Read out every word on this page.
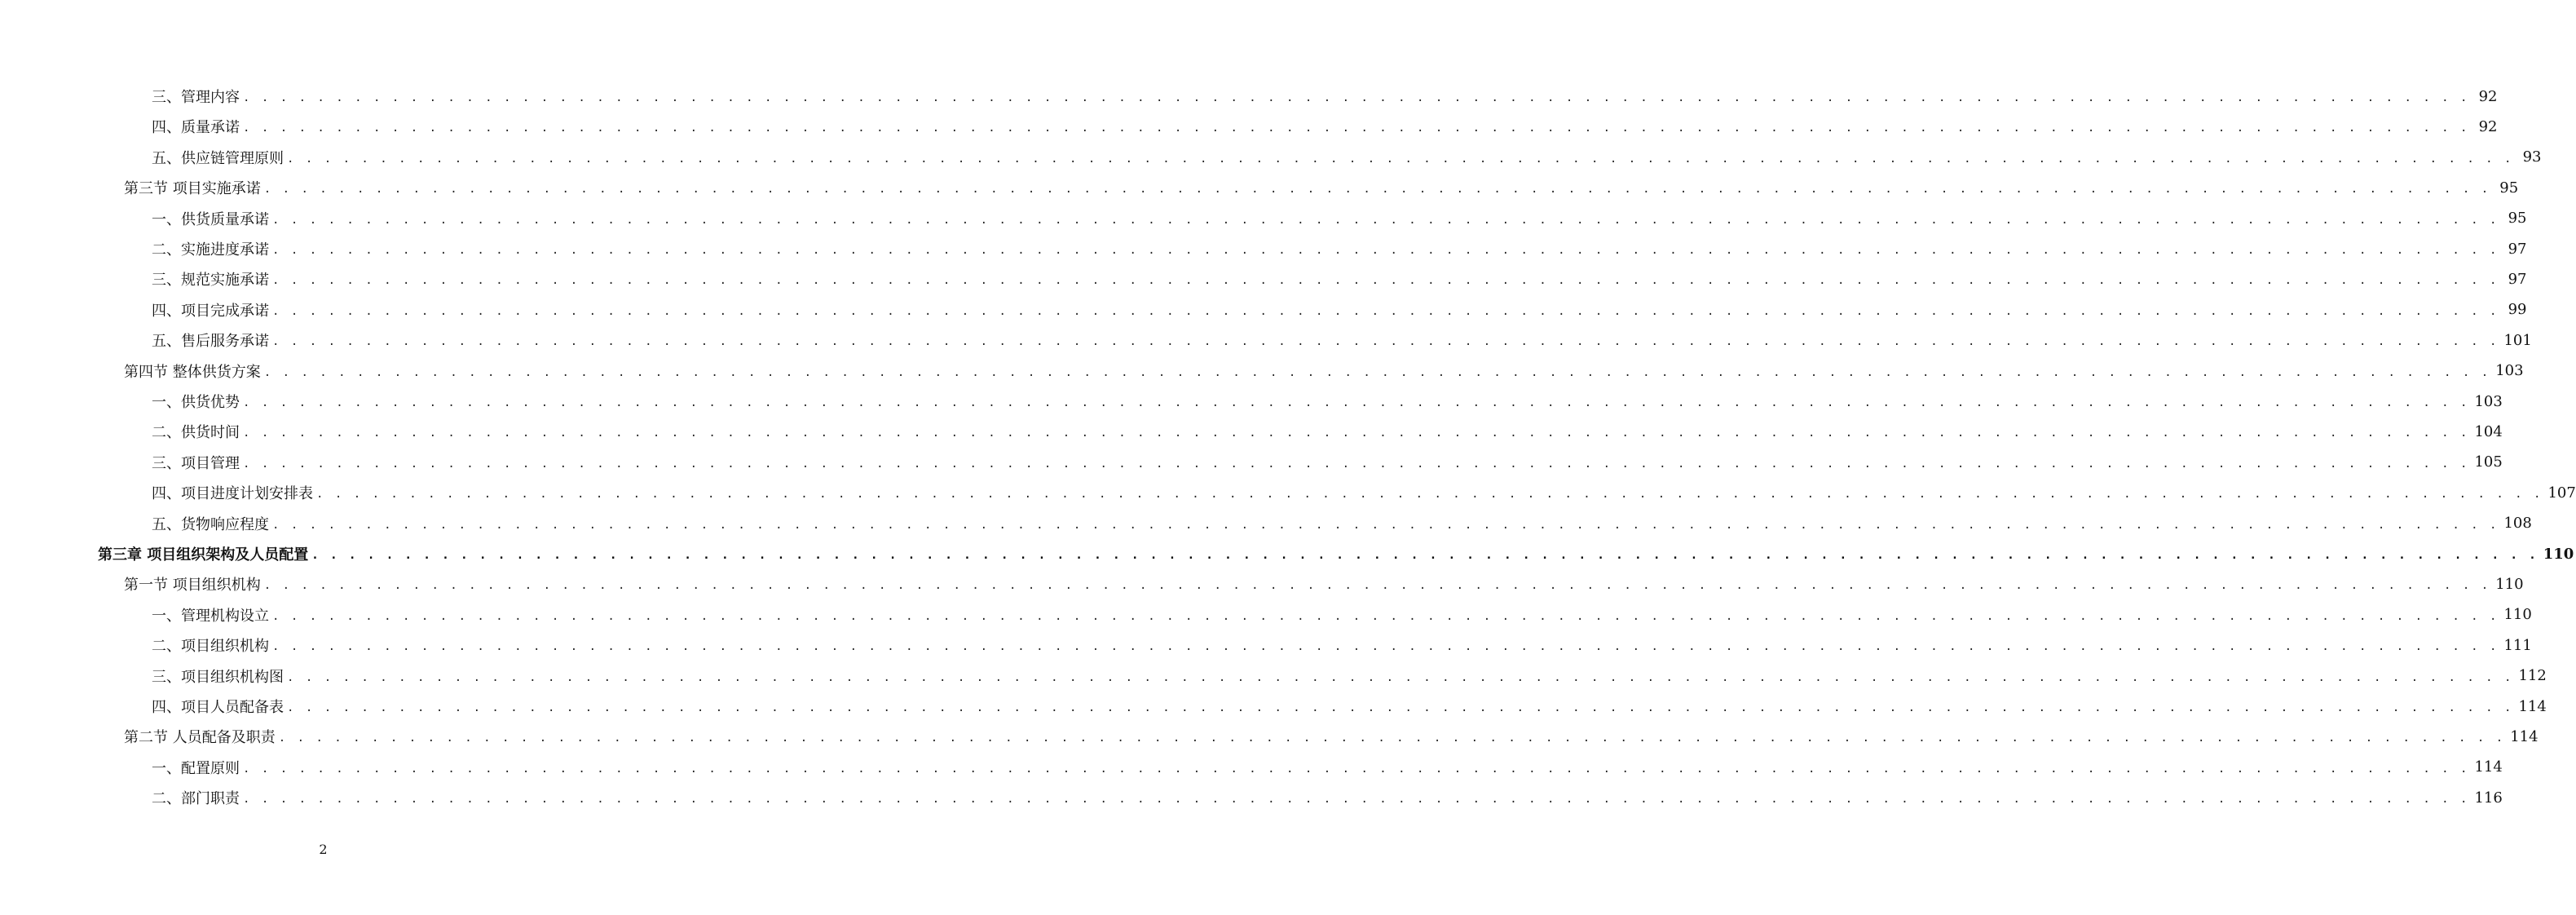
三、管理内容 . . . . . . . . . . . . . . . . . . . . . . . . . . . . . . . . . . . . . . . . . . . . . . . . . . . . . . . . . . . . . . . . . . . . . . . . . . . . . . . . . . . . . . . . . . . . . . . . . . . . . . . . . . . . . . . . . . . . . . . . 92
四、质量承诺 . . . . . . . . . . . . . . . . . . . . . . . . . . . . . . . . . . . . . . . . . . . . . . . . . . . . . . . . . . . . . . . . . . . . . . . . . . . . . . . . . . . . . . . . . . . . . . . . . . . . . . . . . . . . . . . . . . . . . . . . 92
五、供应链管理原则 . . . . . . . . . . . . . . . . . . . . . . . . . . . . . . . . . . . . . . . . . . . . . . . . . . . . . . . . . . . . . . . . . . . . . . . . . . . . . . . . . . . . . . . . . . . . . . . . . . . . . . . . . . . . . . . . . . . . . . . . 93
第三节 项目实施承诺 . . . . . . . . . . . . . . . . . . . . . . . . . . . . . . . . . . . . . . . . . . . . . . . . . . . . . . . . . . . . . . . . . . . . . . . . . . . . . . . . . . . . . . . . . . . . . . . . . . . . . . . . . . . . . . . . . . . . . . . . 95
一、供货质量承诺 . . . . . . . . . . . . . . . . . . . . . . . . . . . . . . . . . . . . . . . . . . . . . . . . . . . . . . . . . . . . . . . . . . . . . . . . . . . . . . . . . . . . . . . . . . . . . . . . . . . . . . . . . . . . . . . . . . . . . . . . 95
二、实施进度承诺 . . . . . . . . . . . . . . . . . . . . . . . . . . . . . . . . . . . . . . . . . . . . . . . . . . . . . . . . . . . . . . . . . . . . . . . . . . . . . . . . . . . . . . . . . . . . . . . . . . . . . . . . . . . . . . . . . . . . . . . . 97
三、规范实施承诺 . . . . . . . . . . . . . . . . . . . . . . . . . . . . . . . . . . . . . . . . . . . . . . . . . . . . . . . . . . . . . . . . . . . . . . . . . . . . . . . . . . . . . . . . . . . . . . . . . . . . . . . . . . . . . . . . . . . . . . . . 97
四、项目完成承诺 . . . . . . . . . . . . . . . . . . . . . . . . . . . . . . . . . . . . . . . . . . . . . . . . . . . . . . . . . . . . . . . . . . . . . . . . . . . . . . . . . . . . . . . . . . . . . . . . . . . . . . . . . . . . . . . . . . . . . . . . 99
五、售后服务承诺 . . . . . . . . . . . . . . . . . . . . . . . . . . . . . . . . . . . . . . . . . . . . . . . . . . . . . . . . . . . . . . . . . . . . . . . . . . . . . . . . . . . . . . . . . . . . . . . . . . . . . . . . . . . . . . . . . . . . . . . . 101
第四节 整体供货方案 . . . . . . . . . . . . . . . . . . . . . . . . . . . . . . . . . . . . . . . . . . . . . . . . . . . . . . . . . . . . . . . . . . . . . . . . . . . . . . . . . . . . . . . . . . . . . . . . . . . . . . . . . . . . . . . . . . . . . . . . 103
一、供货优势 . . . . . . . . . . . . . . . . . . . . . . . . . . . . . . . . . . . . . . . . . . . . . . . . . . . . . . . . . . . . . . . . . . . . . . . . . . . . . . . . . . . . . . . . . . . . . . . . . . . . . . . . . . . . . . . . . . . . . . . . 103
二、供货时间 . . . . . . . . . . . . . . . . . . . . . . . . . . . . . . . . . . . . . . . . . . . . . . . . . . . . . . . . . . . . . . . . . . . . . . . . . . . . . . . . . . . . . . . . . . . . . . . . . . . . . . . . . . . . . . . . . . . . . . . . 104
三、项目管理 . . . . . . . . . . . . . . . . . . . . . . . . . . . . . . . . . . . . . . . . . . . . . . . . . . . . . . . . . . . . . . . . . . . . . . . . . . . . . . . . . . . . . . . . . . . . . . . . . . . . . . . . . . . . . . . . . . . . . . . . 105
四、项目进度计划安排表 . . . . . . . . . . . . . . . . . . . . . . . . . . . . . . . . . . . . . . . . . . . . . . . . . . . . . . . . . . . . . . . . . . . . . . . . . . . . . . . . . . . . . . . . . . . . . . . . . . . . . . . . . . . . . . . . . . . . . . . . 107
五、货物响应程度 . . . . . . . . . . . . . . . . . . . . . . . . . . . . . . . . . . . . . . . . . . . . . . . . . . . . . . . . . . . . . . . . . . . . . . . . . . . . . . . . . . . . . . . . . . . . . . . . . . . . . . . . . . . . . . . . . . . . . . . . 108
第三章 项目组织架构及人员配置 . . . . . . . . . . . . . . . . . . . . . . . . . . . . . . . . . . . . . . . . . . . . . . . . . . . . . . . . . . . . . . . . . . . . . . . . . . . . . . . . . . . . . . . . . . . . . . . . . . . . . . . . . . . . . . . . . . . . . . . . 110
第一节 项目组织机构 . . . . . . . . . . . . . . . . . . . . . . . . . . . . . . . . . . . . . . . . . . . . . . . . . . . . . . . . . . . . . . . . . . . . . . . . . . . . . . . . . . . . . . . . . . . . . . . . . . . . . . . . . . . . . . . . . . . . . . . . 110
一、管理机构设立 . . . . . . . . . . . . . . . . . . . . . . . . . . . . . . . . . . . . . . . . . . . . . . . . . . . . . . . . . . . . . . . . . . . . . . . . . . . . . . . . . . . . . . . . . . . . . . . . . . . . . . . . . . . . . . . . . . . . . . . . 110
二、项目组织机构 . . . . . . . . . . . . . . . . . . . . . . . . . . . . . . . . . . . . . . . . . . . . . . . . . . . . . . . . . . . . . . . . . . . . . . . . . . . . . . . . . . . . . . . . . . . . . . . . . . . . . . . . . . . . . . . . . . . . . . . . 111
三、项目组织机构图 . . . . . . . . . . . . . . . . . . . . . . . . . . . . . . . . . . . . . . . . . . . . . . . . . . . . . . . . . . . . . . . . . . . . . . . . . . . . . . . . . . . . . . . . . . . . . . . . . . . . . . . . . . . . . . . . . . . . . . . . 112
四、项目人员配备表 . . . . . . . . . . . . . . . . . . . . . . . . . . . . . . . . . . . . . . . . . . . . . . . . . . . . . . . . . . . . . . . . . . . . . . . . . . . . . . . . . . . . . . . . . . . . . . . . . . . . . . . . . . . . . . . . . . . . . . . . 114
第二节 人员配备及职责 . . . . . . . . . . . . . . . . . . . . . . . . . . . . . . . . . . . . . . . . . . . . . . . . . . . . . . . . . . . . . . . . . . . . . . . . . . . . . . . . . . . . . . . . . . . . . . . . . . . . . . . . . . . . . . . . . . . . . . . . 114
一、配置原则 . . . . . . . . . . . . . . . . . . . . . . . . . . . . . . . . . . . . . . . . . . . . . . . . . . . . . . . . . . . . . . . . . . . . . . . . . . . . . . . . . . . . . . . . . . . . . . . . . . . . . . . . . . . . . . . . . . . . . . . . 114
二、部门职责 . . . . . . . . . . . . . . . . . . . . . . . . . . . . . . . . . . . . . . . . . . . . . . . . . . . . . . . . . . . . . . . . . . . . . . . . . . . . . . . . . . . . . . . . . . . . . . . . . . . . . . . . . . . . . . . . . . . . . . . . 116
2
